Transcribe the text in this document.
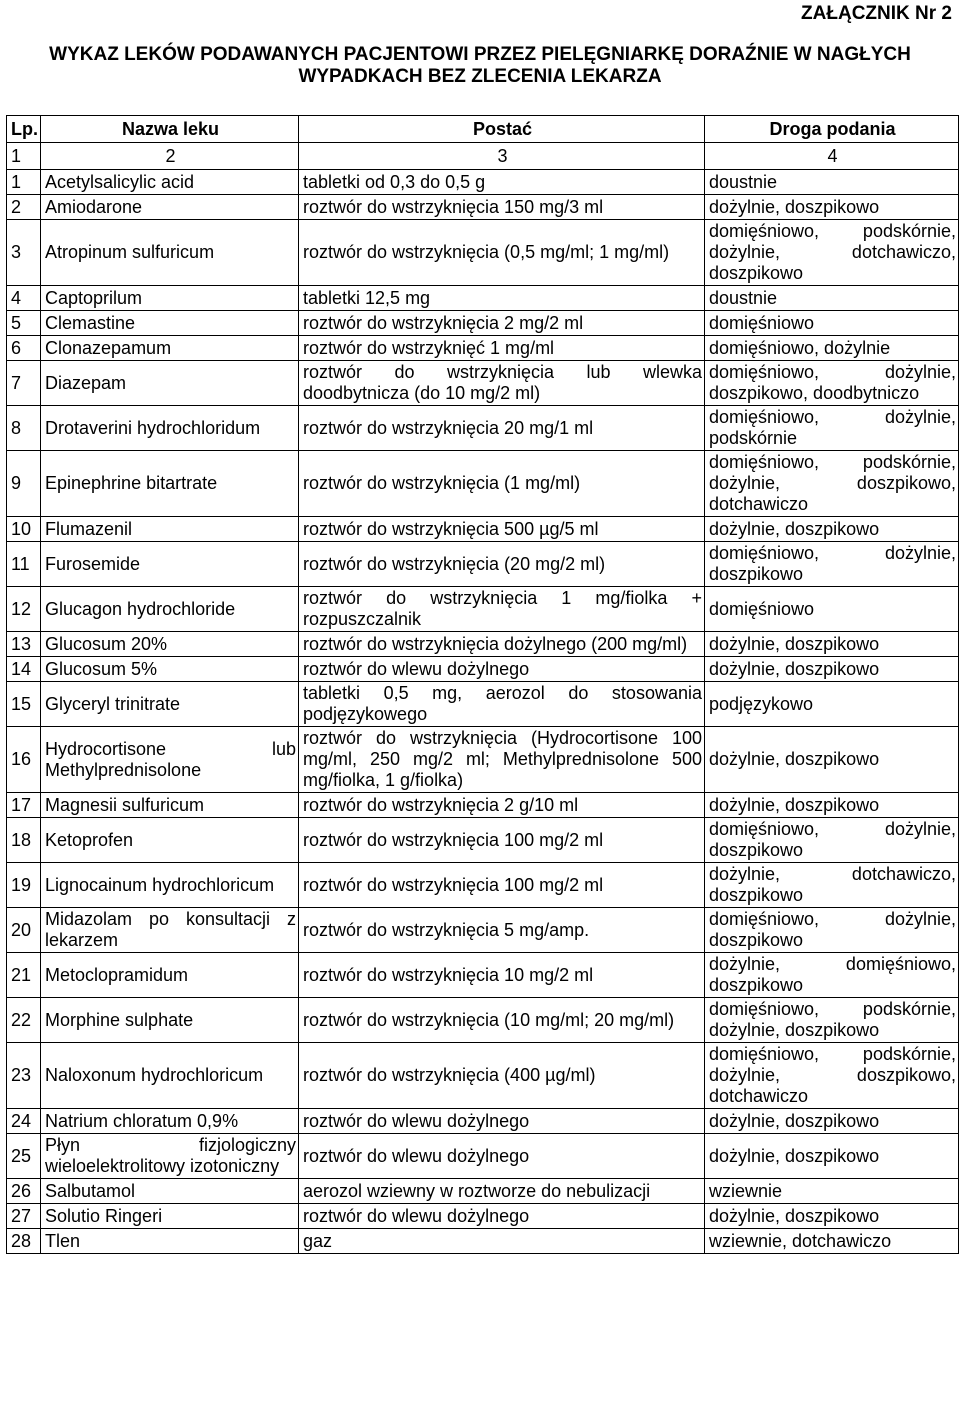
ZAŁĄCZNIK Nr 2

WYKAZ LEKÓW PODAWANYCH PACJENTOWI PRZEZ PIELĘGNIARKĘ DORAŹNIE W NAGŁYCH
WYPADKACH BEZ ZLECENIA LEKARZA
Lp.	Nazwa leku	Postać	Droga podania
1	2	3	4
1	Acetylsalicylic acid	tabletki od 0,3 do 0,5 g	doustnie
2	Amiodarone	roztwór do wstrzyknięcia 150 mg/3 ml	dożylnie, doszpikowo
3	Atropinum sulfuricum	roztwór do wstrzyknięcia (0,5 mg/ml; 1 mg/ml)	domięśniowo, podskórnie, dożylnie, dotchawiczo, doszpikowo
4	Captoprilum	tabletki 12,5 mg	doustnie
5	Clemastine	roztwór do wstrzyknięcia 2 mg/2 ml	domięśniowo
6	Clonazepamum	roztwór do wstrzyknięć 1 mg/ml	domięśniowo, dożylnie
7	Diazepam	roztwór do wstrzyknięcia lub wlewka doodbytnicza (do 10 mg/2 ml)	domięśniowo, dożylnie, doszpikowo, doodbytniczo
8	Drotaverini hydrochloridum	roztwór do wstrzyknięcia 20 mg/1 ml	domięśniowo, dożylnie, podskórnie
9	Epinephrine bitartrate	roztwór do wstrzyknięcia (1 mg/ml)	domięśniowo, podskórnie, dożylnie, doszpikowo, dotchawiczo
10	Flumazenil	roztwór do wstrzyknięcia 500 µg/5 ml	dożylnie, doszpikowo
11	Furosemide	roztwór do wstrzyknięcia (20 mg/2 ml)	domięśniowo, dożylnie, doszpikowo
12	Glucagon hydrochloride	roztwór do wstrzyknięcia 1 mg/fiolka + rozpuszczalnik	domięśniowo
13	Glucosum 20%	roztwór do wstrzyknięcia dożylnego (200 mg/ml)	dożylnie, doszpikowo
14	Glucosum 5%	roztwór do wlewu dożylnego	dożylnie, doszpikowo
15	Glyceryl trinitrate	tabletki 0,5 mg, aerozol do stosowania podjęzykowego	podjęzykowo
16	Hydrocortisone lub Methylprednisolone	roztwór do wstrzyknięcia (Hydrocortisone 100 mg/ml, 250 mg/2 ml; Methylprednisolone 500 mg/fiolka, 1 g/fiolka)	dożylnie, doszpikowo
17	Magnesii sulfuricum	roztwór do wstrzyknięcia 2 g/10 ml	dożylnie, doszpikowo
18	Ketoprofen	roztwór do wstrzyknięcia 100 mg/2 ml	domięśniowo, dożylnie, doszpikowo
19	Lignocainum hydrochloricum	roztwór do wstrzyknięcia 100 mg/2 ml	dożylnie, dotchawiczo, doszpikowo
20	Midazolam po konsultacji z lekarzem	roztwór do wstrzyknięcia 5 mg/amp.	domięśniowo, dożylnie, doszpikowo
21	Metoclopramidum	roztwór do wstrzyknięcia 10 mg/2 ml	dożylnie, domięśniowo, doszpikowo
22	Morphine sulphate	roztwór do wstrzyknięcia (10 mg/ml; 20 mg/ml)	domięśniowo, podskórnie, dożylnie, doszpikowo
23	Naloxonum hydrochloricum	roztwór do wstrzyknięcia (400 µg/ml)	domięśniowo, podskórnie, dożylnie, doszpikowo, dotchawiczo
24	Natrium chloratum 0,9%	roztwór do wlewu dożylnego	dożylnie, doszpikowo
25	Płyn fizjologiczny wieloelektrolitowy izotoniczny	roztwór do wlewu dożylnego	dożylnie, doszpikowo
26	Salbutamol	aerozol wziewny w roztworze do nebulizacji	wziewnie
27	Solutio Ringeri	roztwór do wlewu dożylnego	dożylnie, doszpikowo
28	Tlen	gaz	wziewnie, dotchawiczo
